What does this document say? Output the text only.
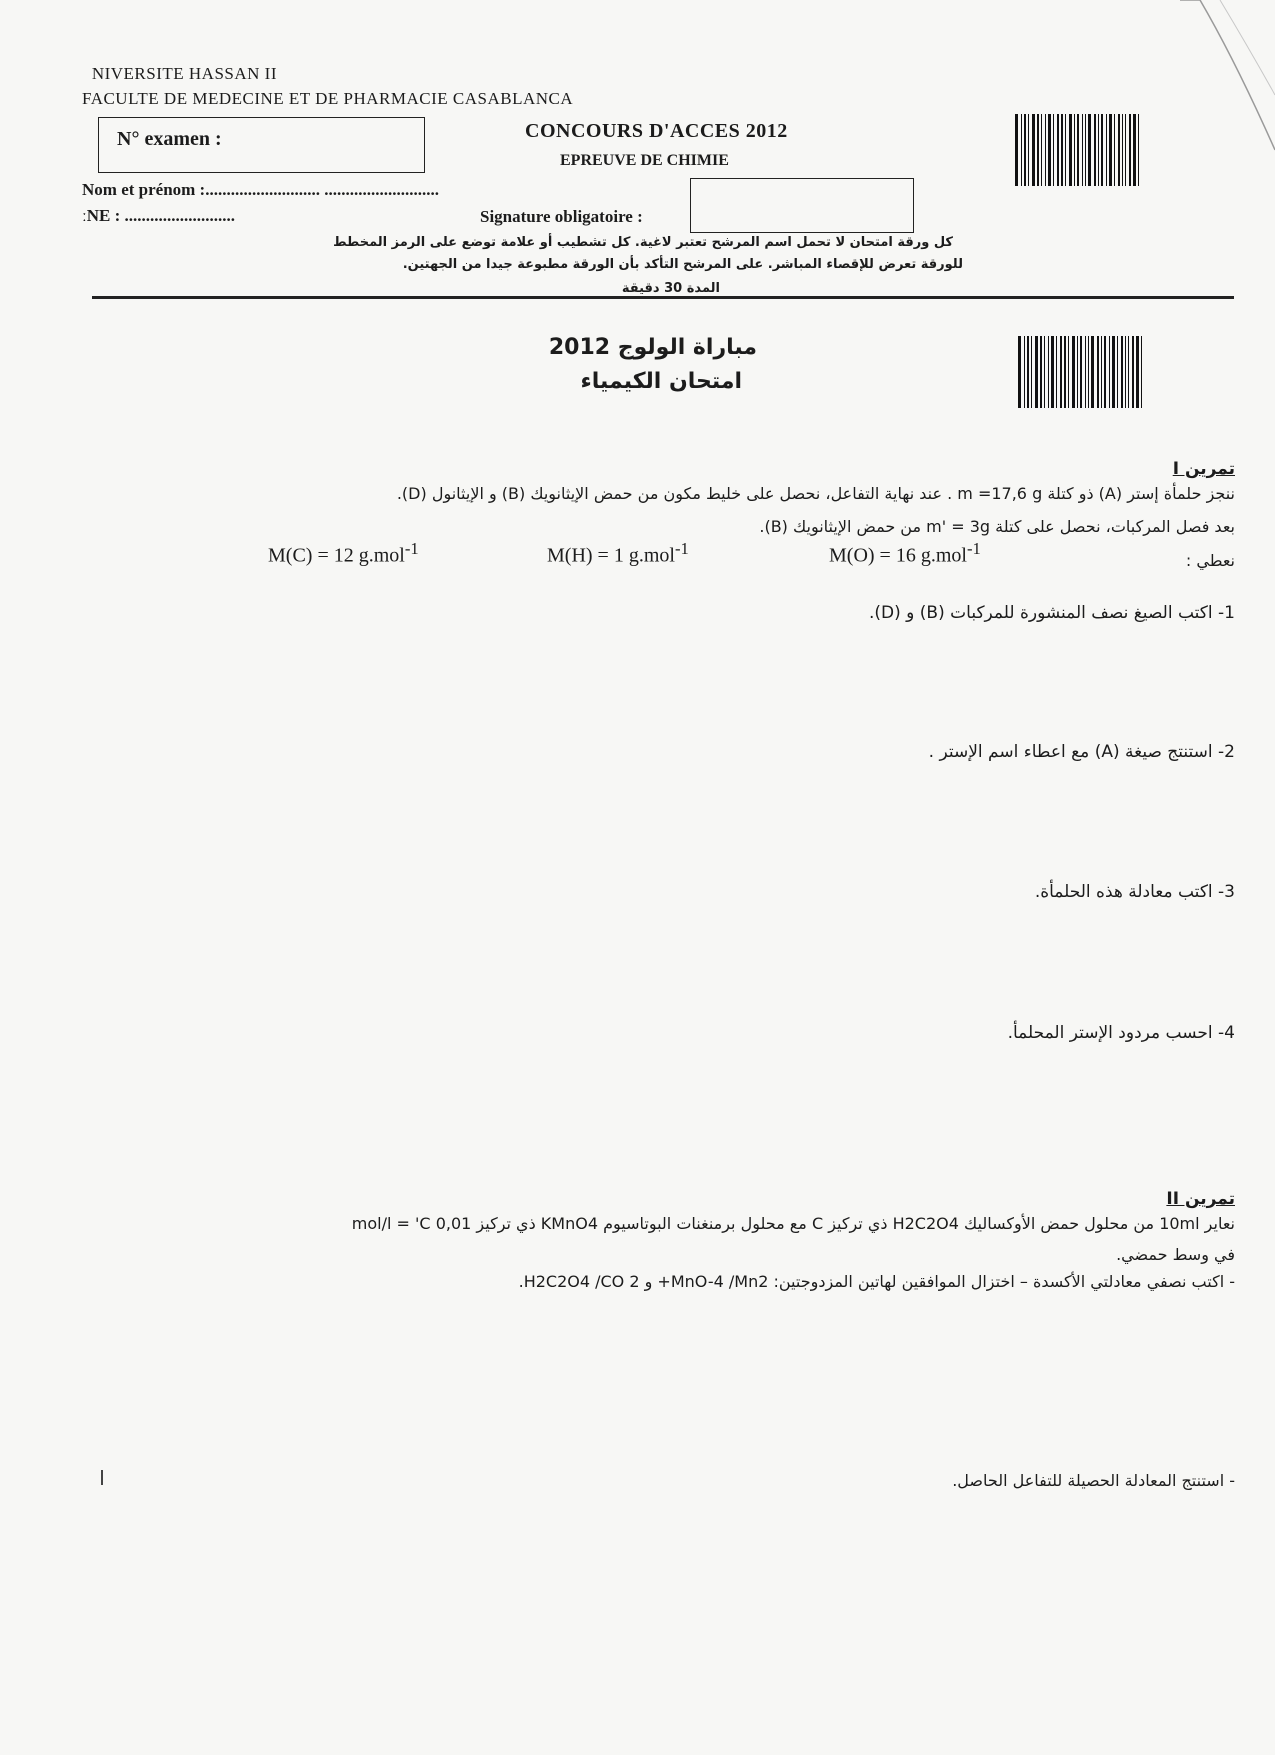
ɪNIVERSITE HASSAN II
FACULTE DE MEDECINE ET DE PHARMACIE CASABLANCA
N° examen :	CONCOURS D'ACCES 2012
EPREUVE DE CHIMIE
Nom et prénom :........................... ...........................
ːNE : ..........................	Signature obligatoire :
كل ورقة امتحان لا تحمل اسم المرشح تعتبر لاغية. كل تشطيب أو علامة توضع على الرمز المخطط
للورقة تعرض للإقصاء المباشر. على المرشح التأكد بأن الورقة مطبوعة جيدا من الجهتين.
المدة 30 دقيقة
مباراة الولوج 2012
امتحان الكيمياء
تمرين I
ننجز حلمأة إستر (A) ذو كتلة m =17,6 g . عند نهاية التفاعل، نحصل على خليط مكون من حمض الإيثانويك (B) و الإيثانول (D).
بعد فصل المركبات، نحصل على كتلة m' = 3g من حمض الإيثانويك (B).
M(C) = 12 g.mol$^{-1}$	M(H) = 1 g.mol$^{-1}$	M(O) = 16 g.mol$^{-1}$
نعطي :
1- اكتب الصيغ نصف المنشورة للمركبات (B) و (D).
2- استنتج صيغة (A) مع اعطاء اسم الإستر .
3- اكتب معادلة هذه الحلمأة.
4- احسب مردود الإستر المحلمأ.
تمرين II
نعاير 10ml من محلول حمض الأوكساليك H2C2O4 ذي تركيز C مع محلول برمنغنات البوتاسيوم KMnO4 ذي تركيز 0,01 mol/l = 'C
في وسط حمضي.
- اكتب نصفي معادلتي الأكسدة – اختزال الموافقين لهاتين المزدوجتين: MnO-4 /Mn2+ و H2C2O4 /CO 2.
- استنتج المعادلة الحصيلة للتفاعل الحاصل.
